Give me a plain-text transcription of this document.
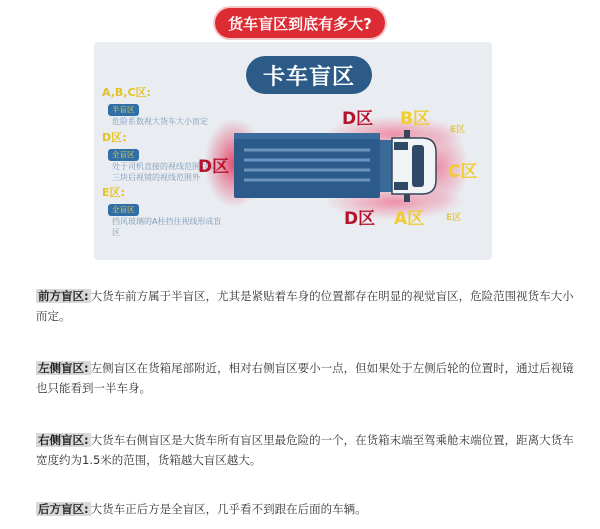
货车盲区到底有多大?
卡车盲区
A,B,C区:
半盲区
危险系数视大货车大小而定
D区:
全盲区
处于司机直接的视线范围以及三块后视镜的视线范围外
E区:
全盲区
挡风玻璃的A柱挡住视线形成盲区
D区 B区
E区
D区	C区
D区 A区 E区
前方盲区: 大货车前方属于半盲区，尤其是紧贴着车身的位置都存在明显的视觉盲区，危险范围视货车大小而定。
左侧盲区: 左侧盲区在货箱尾部附近，相对右侧盲区要小一点，但如果处于左侧后轮的位置时，通过后视镜也只能看到一半车身。
右侧盲区: 大货车右侧盲区是大货车所有盲区里最危险的一个，在货箱末端至驾乘舱末端位置，距离大货车宽度约为1.5米的范围，货箱越大盲区越大。
后方盲区: 大货车正后方是全盲区，几乎看不到跟在后面的车辆。
